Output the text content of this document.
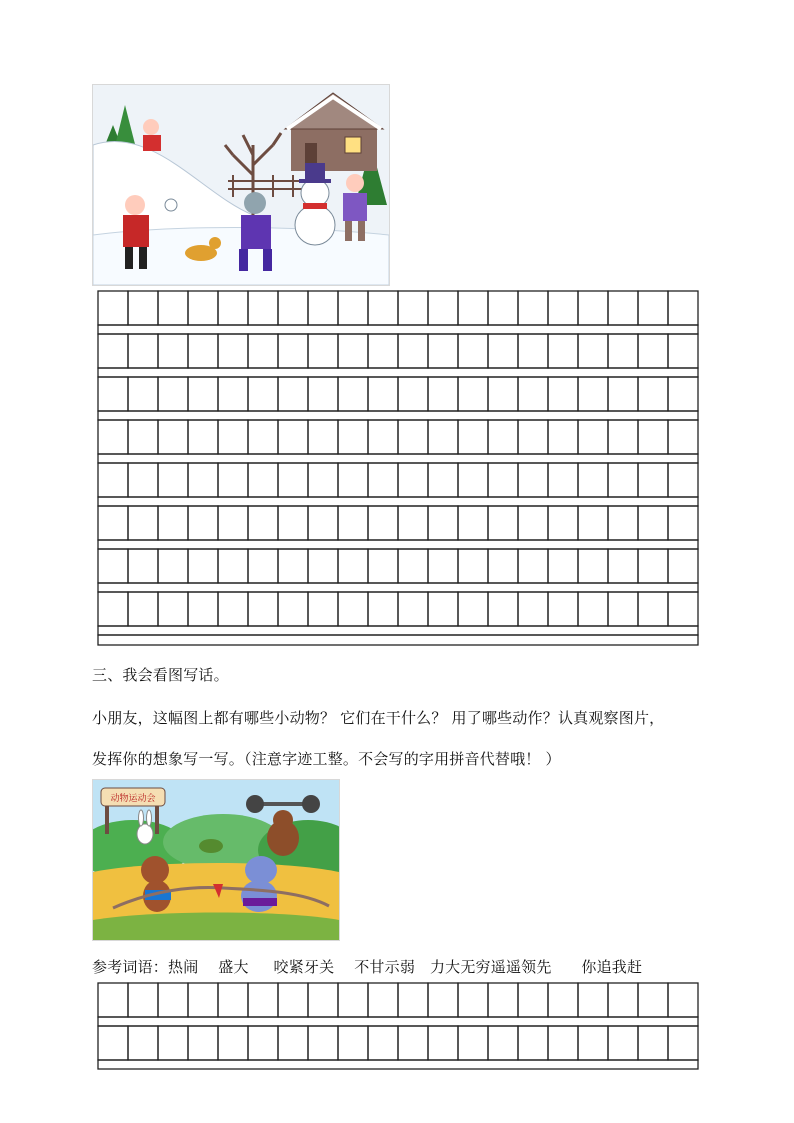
三、我会看图写话。
小朋友，这幅图上都有哪些小动物？ 它们在干什么？ 用了哪些动作？认真观察图片，
发挥你的想象写一写。（注意字迹工整。不会写的字用拼音代替哦！ ）
动物运动会
参考词语：热闹 盛大 咬紧牙关 不甘示弱 力大无穷遥遥领先 你追我赶
